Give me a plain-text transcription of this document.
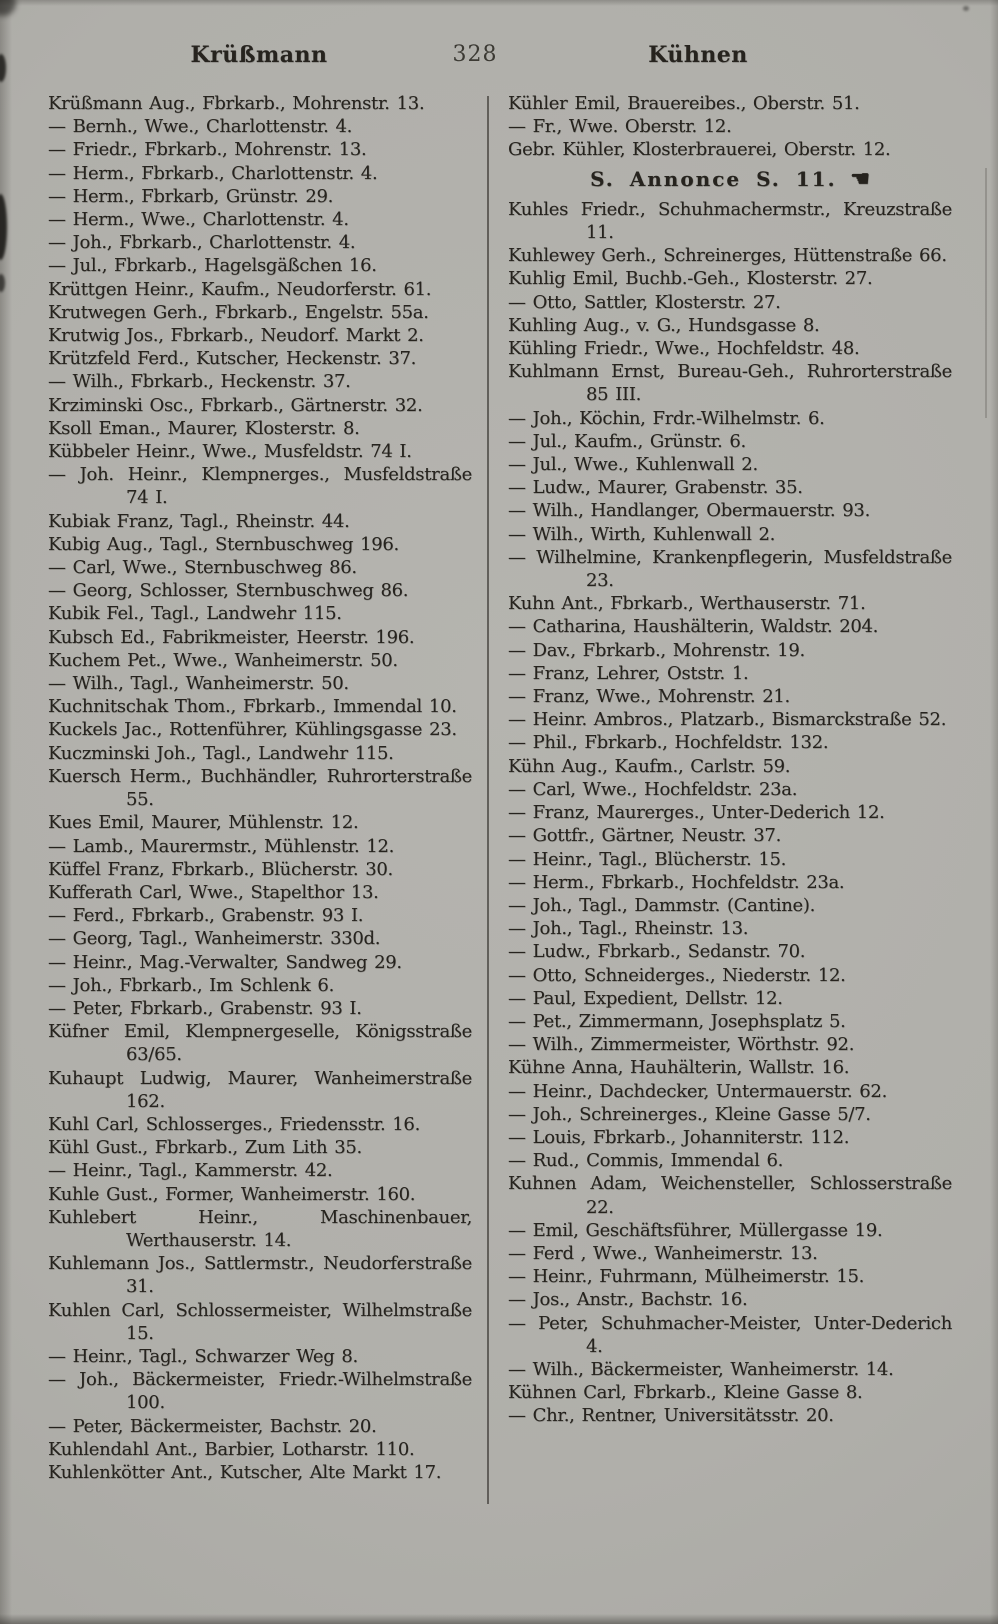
Krüßmann	328	Kühnen

Krüßmann Aug., Fbrkarb., Mohrenstr. 13.

— Bernh., Wwe., Charlottenstr. 4.

— Friedr., Fbrkarb., Mohrenstr. 13.

— Herm., Fbrkarb., Charlottenstr. 4.

— Herm., Fbrkarb, Grünstr. 29.

— Herm., Wwe., Charlottenstr. 4.

— Joh., Fbrkarb., Charlottenstr. 4.

— Jul., Fbrkarb., Hagelsgäßchen 16.

Krüttgen Heinr., Kaufm., Neudorferstr. 61.

Krutwegen Gerh., Fbrkarb., Engelstr. 55a.

Krutwig Jos., Fbrkarb., Neudorf. Markt 2.

Krützfeld Ferd., Kutscher, Heckenstr. 37.

— Wilh., Fbrkarb., Heckenstr. 37.

Krziminski Osc., Fbrkarb., Gärtnerstr. 32.

Ksoll Eman., Maurer, Klosterstr. 8.

Kübbeler Heinr., Wwe., Musfeldstr. 74 I.

— Joh. Heinr., Klempnerges., Musfeldstraße 74 I.

Kubiak Franz, Tagl., Rheinstr. 44.

Kubig Aug., Tagl., Sternbuschweg 196.

— Carl, Wwe., Sternbuschweg 86.

— Georg, Schlosser, Sternbuschweg 86.

Kubik Fel., Tagl., Landwehr 115.

Kubsch Ed., Fabrikmeister, Heerstr. 196.

Kuchem Pet., Wwe., Wanheimerstr. 50.

— Wilh., Tagl., Wanheimerstr. 50.

Kuchnitschak Thom., Fbrkarb., Immendal 10.

Kuckels Jac., Rottenführer, Kühlingsgasse 23.

Kuczminski Joh., Tagl., Landwehr 115.

Kuersch Herm., Buchhändler, Ruhrorterstraße 55.

Kues Emil, Maurer, Mühlenstr. 12.

— Lamb., Maurermstr., Mühlenstr. 12.

Küffel Franz, Fbrkarb., Blücherstr. 30.

Kufferath Carl, Wwe., Stapelthor 13.

— Ferd., Fbrkarb., Grabenstr. 93 I.

— Georg, Tagl., Wanheimerstr. 330d.

— Heinr., Mag.-Verwalter, Sandweg 29.

— Joh., Fbrkarb., Im Schlenk 6.

— Peter, Fbrkarb., Grabenstr. 93 I.

Küfner Emil, Klempnergeselle, Königsstraße 63/65.

Kuhaupt Ludwig, Maurer, Wanheimerstraße 162.

Kuhl Carl, Schlosserges., Friedensstr. 16.

Kühl Gust., Fbrkarb., Zum Lith 35.

— Heinr., Tagl., Kammerstr. 42.

Kuhle Gust., Former, Wanheimerstr. 160.

Kuhlebert Heinr., Maschinenbauer, Werthauserstr. 14.

Kuhlemann Jos., Sattlermstr., Neudorferstraße 31.

Kuhlen Carl, Schlossermeister, Wilhelmstraße 15.

— Heinr., Tagl., Schwarzer Weg 8.

— Joh., Bäckermeister, Friedr.-Wilhelmstraße 100.

— Peter, Bäckermeister, Bachstr. 20.

Kuhlendahl Ant., Barbier, Lotharstr. 110.

Kuhlenkötter Ant., Kutscher, Alte Markt 17.

Kühler Emil, Brauereibes., Oberstr. 51.

— Fr., Wwe. Oberstr. 12.

Gebr. Kühler, Klosterbrauerei, Oberstr. 12.

S. Annonce S. 11. ☚

Kuhles Friedr., Schuhmachermstr., Kreuzstraße 11.

Kuhlewey Gerh., Schreinerges, Hüttenstraße 66.

Kuhlig Emil, Buchb.-Geh., Klosterstr. 27.

— Otto, Sattler, Klosterstr. 27.

Kuhling Aug., v. G., Hundsgasse 8.

Kühling Friedr., Wwe., Hochfeldstr. 48.

Kuhlmann Ernst, Bureau-Geh., Ruhrorterstraße 85 III.

— Joh., Köchin, Frdr.-Wilhelmstr. 6.

— Jul., Kaufm., Grünstr. 6.

— Jul., Wwe., Kuhlenwall 2.

— Ludw., Maurer, Grabenstr. 35.

— Wilh., Handlanger, Obermauerstr. 93.

— Wilh., Wirth, Kuhlenwall 2.

— Wilhelmine, Krankenpflegerin, Musfeldstraße 23.

Kuhn Ant., Fbrkarb., Werthauserstr. 71.

— Catharina, Haushälterin, Waldstr. 204.

— Dav., Fbrkarb., Mohrenstr. 19.

— Franz, Lehrer, Oststr. 1.

— Franz, Wwe., Mohrenstr. 21.

— Heinr. Ambros., Platzarb., Bismarckstraße 52.

— Phil., Fbrkarb., Hochfeldstr. 132.

Kühn Aug., Kaufm., Carlstr. 59.

— Carl, Wwe., Hochfeldstr. 23a.

— Franz, Maurerges., Unter-Dederich 12.

— Gottfr., Gärtner, Neustr. 37.

— Heinr., Tagl., Blücherstr. 15.

— Herm., Fbrkarb., Hochfeldstr. 23a.

— Joh., Tagl., Dammstr. (Cantine).

— Joh., Tagl., Rheinstr. 13.

— Ludw., Fbrkarb., Sedanstr. 70.

— Otto, Schneiderges., Niederstr. 12.

— Paul, Expedient, Dellstr. 12.

— Pet., Zimmermann, Josephsplatz 5.

— Wilh., Zimmermeister, Wörthstr. 92.

Kühne Anna, Hauhälterin, Wallstr. 16.

— Heinr., Dachdecker, Untermauerstr. 62.

— Joh., Schreinerges., Kleine Gasse 5/7.

— Louis, Fbrkarb., Johanniterstr. 112.

— Rud., Commis, Immendal 6.

Kuhnen Adam, Weichensteller, Schlosserstraße 22.

— Emil, Geschäftsführer, Müllergasse 19.

— Ferd , Wwe., Wanheimerstr. 13.

— Heinr., Fuhrmann, Mülheimerstr. 15.

— Jos., Anstr., Bachstr. 16.

— Peter, Schuhmacher-Meister, Unter-Dederich 4.

— Wilh., Bäckermeister, Wanheimerstr. 14.

Kühnen Carl, Fbrkarb., Kleine Gasse 8.

— Chr., Rentner, Universitätsstr. 20.
